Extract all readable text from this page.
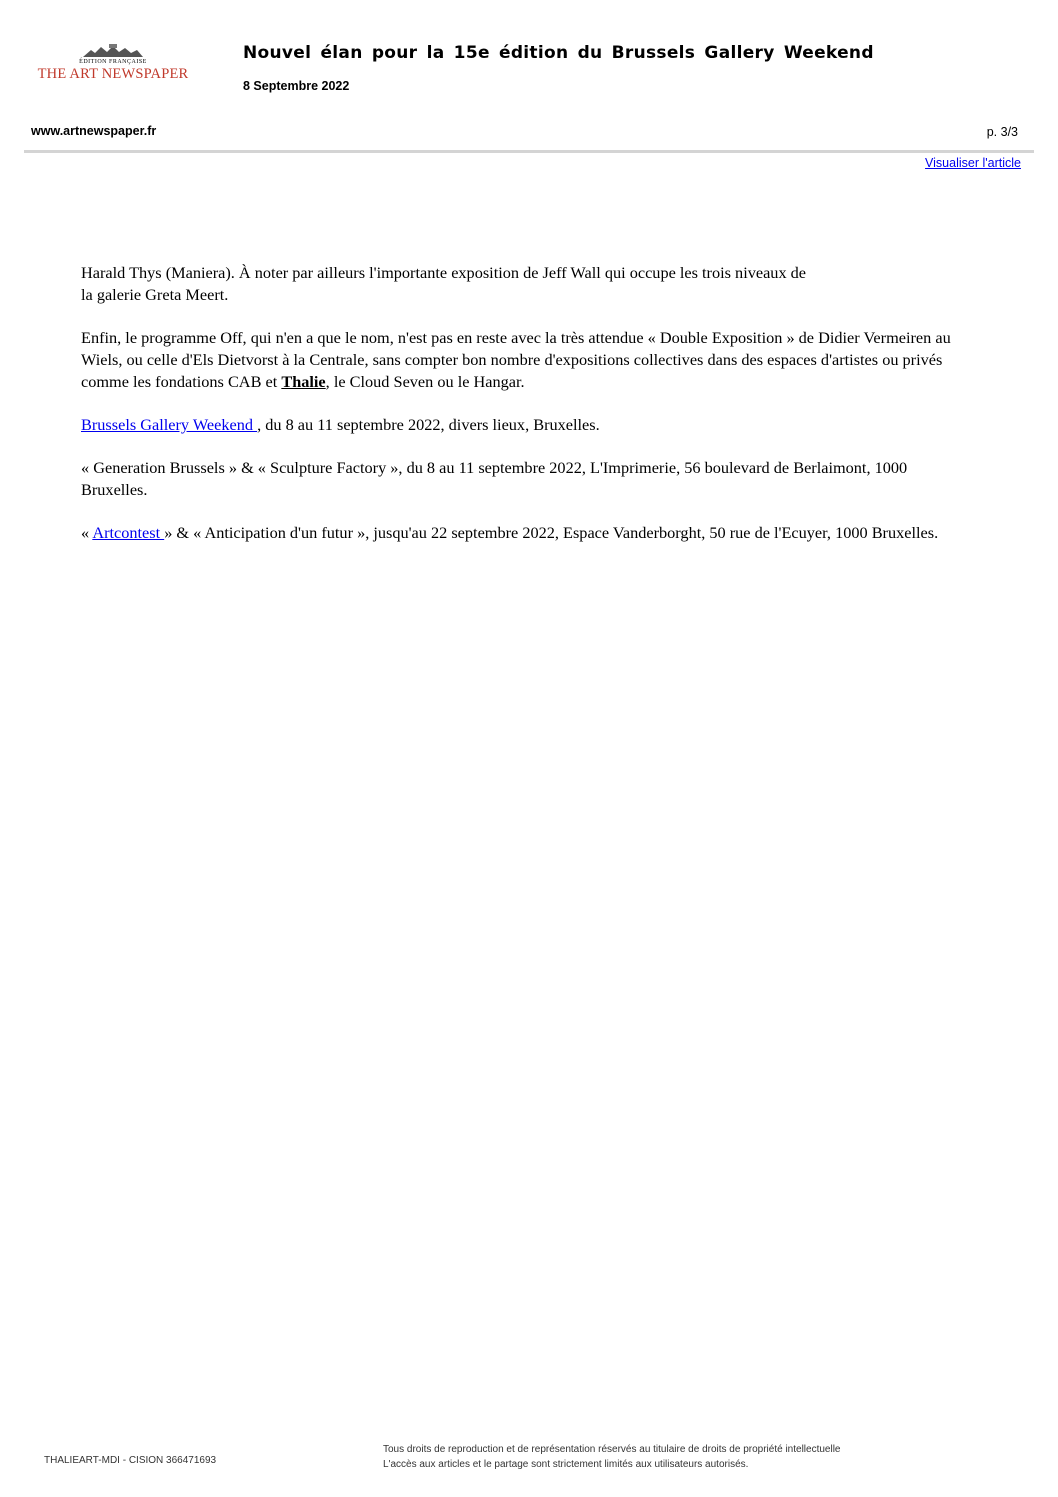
ÉDITION FRANÇAISE
THE ART NEWSPAPER
Nouvel élan pour la 15e édition du Brussels Gallery Weekend
8 Septembre 2022
www.artnewspaper.fr	p. 3/3
Visualiser l'article

Harald Thys (Maniera). À noter par ailleurs l'importante exposition de Jeff Wall qui occupe les trois niveaux de
la galerie Greta Meert.

Enfin, le programme Off, qui n'en a que le nom, n'est pas en reste avec la très attendue « Double Exposition » de Didier Vermeiren au Wiels, ou celle d'Els Dietvorst à la Centrale, sans compter bon nombre d'expositions collectives dans des espaces d'artistes ou privés comme les fondations CAB et Thalie, le Cloud Seven ou le Hangar.

Brussels Gallery Weekend , du 8 au 11 septembre 2022, divers lieux, Bruxelles.

« Generation Brussels » & « Sculpture Factory », du 8 au 11 septembre 2022, L'Imprimerie, 56 boulevard de Berlaimont, 1000 Bruxelles.

« Artcontest » & « Anticipation d'un futur », jusqu'au 22 septembre 2022, Espace Vanderborght, 50 rue de l'Ecuyer, 1000 Bruxelles.

THALIEART-MDI - CISION 366471693
Tous droits de reproduction et de représentation réservés au titulaire de droits de propriété intellectuelle
L'accès aux articles et le partage sont strictement limités aux utilisateurs autorisés.
